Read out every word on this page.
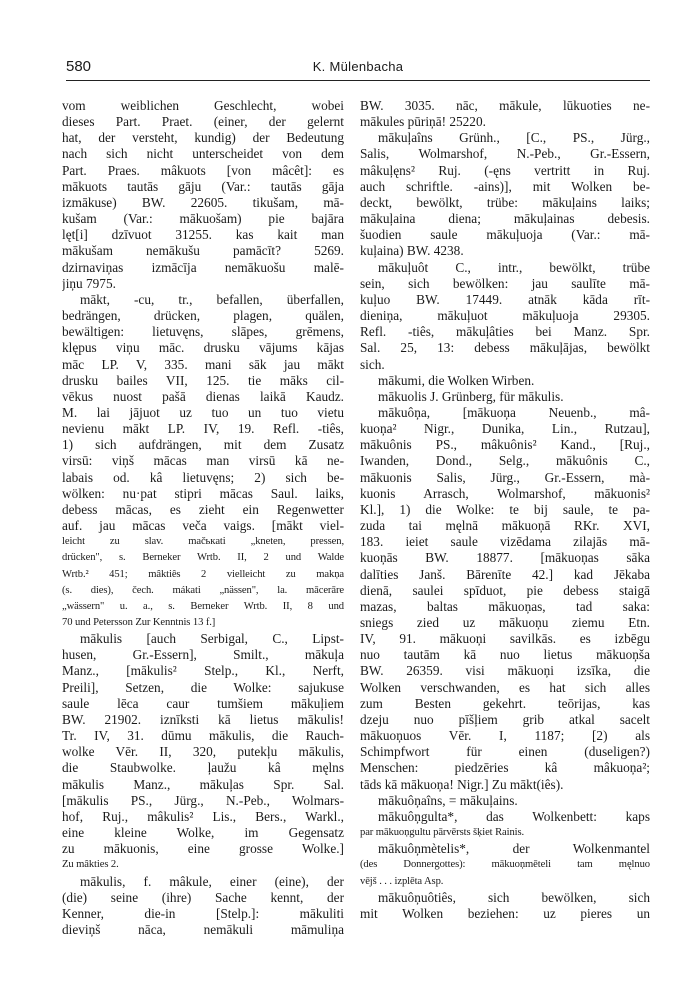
580	K. Mülenbacha
vom weiblichen Geschlecht, wobei
dieses Part. Praet. (einer, der gelernt
hat, der versteht, kundig) der Bedeutung
nach sich nicht unterscheidet von dem
Part. Praes. mâkuots [von mâcêt]: es
mākuots tautās gāju (Var.: tautās gāja
izmākuse) BW. 22605. tikušam, mā-
kušam (Var.: mākuošam) pie bajāra
lęt[i] dzīvuot 31255. kas kait man
mākušam nemākušu pamācīt? 5269.
dzirnaviņas izmācīja nemākuošu malē-
jiņu 7975.
mākt, -cu, tr., befallen, überfallen,
bedrängen, drücken, plagen, quälen,
bewältigen: lietuvęns, slāpes, grēmens,
klępus viņu māc. drusku vājums kājas
māc LP. V, 335. mani sāk jau mākt
drusku bailes VII, 125. tie māks cil-
vēkus nuost pašā dienas laikā Kaudz.
M. lai jājuot uz tuo un tuo vietu
nevienu mākt LP. IV, 19. Refl. -tiês,
1) sich aufdrängen, mit dem Zusatz
virsū: viņš mācas man virsū kā ne-
labais od. kâ lietuvęns; 2) sich be-
wölken: nu·pat stipri mācas Saul. laiks,
debess mācas, es zieht ein Regenwetter
auf. jau mācas veča vaigs. [mākt viel-
leicht zu slav. mačькati „kneten, pressen,
drücken", s. Berneker Wrtb. II, 2 und Walde
Wrtb.² 451; mâktiês 2 vielleicht zu makņa
(s. dies), čech. mákati „nässen", la. mācerāre
„wässern" u. a., s. Berneker Wrtb. II, 8 und
70 und Petersson Zur Kenntnis 13 f.]
mākulis [auch Serbigal, C., Lipst-
husen, Gr.-Essern], Smilt., mākuļa
Manz., [mākulis² Stelp., Kl., Nerft,
Preili], Setzen, die Wolke: sajukuse
saule lēca caur tumšiem mākuļiem
BW. 21902. iznīksti kā lietus mākulis!
Tr. IV, 31. dūmu mākulis, die Rauch-
wolke Vēr. II, 320, putekļu mākulis,
die Staubwolke. ļaužu kâ męlns
mākulis Manz., mākuļas Spr. Sal.
[mākulis PS., Jürg., N.-Peb., Wolmars-
hof, Ruj., mâkulis² Lis., Bers., Warkl.,
eine kleine Wolke, im Gegensatz
zu mākuonis, eine grosse Wolke.]
Zu mâkties 2.
mākulis, f. mâkule, einer (eine), der
(die) seine (ihre) Sache kennt, der
Kenner, die-in [Stelp.]: mākuliti
dieviņš nāca, nemākuli māmuliņa
BW. 3035. nāc, mākule, lūkuoties ne-
mākules pūriņā! 25220.
mākuļaîns Grünh., [C., PS., Jürg.,
Salis, Wolmarshof, N.-Peb., Gr.-Essern,
mâkuļęns² Ruj. (-ęns vertritt in Ruj.
auch schriftle. -ains)], mit Wolken be-
deckt, bewölkt, trübe: mākuļains laiks;
mākuļaina diena; mākuļainas debesis.
šuodien saule mākuļuoja (Var.: mā-
kuļaina) BW. 4238.
mākuļuôt C., intr., bewölkt, trübe
sein, sich bewölken: jau saulīte mā-
kuļuo BW. 17449. atnāk kāda rīt-
dieniņa, mākuļuot mākuļuoja 29305.
Refl. -tiês, mākuļâties bei Manz. Spr.
Sal. 25, 13: debess mākuļājas, bewölkt
sich.
mākumi, die Wolken Wirben.
mākuolis J. Grünberg, für mākulis.
mākuôņa, [mākuoņa Neuenb., mâ-
kuoņa² Nigr., Dunika, Lin., Rutzau],
mākuônis PS., mâkuônis² Kand., [Ruj.,
Iwanden, Dond., Selg., mākuônis C.,
mākuonis Salis, Jürg., Gr.-Essern, mà-
kuonis Arrasch, Wolmarshof, mākuonis²
Kl.], 1) die Wolke: te bij saule, te pa-
zuda tai męlnā mākuoņā RKr. XVI,
183. ieiet saule vizēdama zilajās mā-
kuoņās BW. 18877. [mākuoņas sāka
dalīties Janš. Bārenīte 42.] kad Jēkaba
dienā, saulei spīduot, pie debess staigā
mazas, baltas mākuoņas, tad saka:
sniegs zied uz mākuoņu ziemu Etn.
IV, 91. mākuoņi savilkās. es izbēgu
nuo tautām kā nuo lietus mākuoņša
BW. 26359. visi mākuoņi izsīka, die
Wolken verschwanden, es hat sich alles
zum Besten gekehrt. teōrijas, kas
dzeju nuo pīšļiem grib atkal sacelt
mākuoņuos Vēr. I, 1187; [2) als
Schimpfwort für einen (duseligen?)
Menschen: piedzēries kâ mâkuoņa²;
tāds kā mākuoņa! Nigr.] Zu mākt(iês).
mākuôņaîns, = mākuļains.
mākuôņgulta*, das Wolkenbett: kaps
par mākuoņgultu pārvērsts šķiet Rainis.
mākuôņmètelis*, der Wolkenmantel
(des Donnergottes): mākuoņmēteli tam męlnuo
vējš . . . izplēta Asp.
mākuôņuôtiês, sich bewölken, sich
mit Wolken beziehen: uz pieres un
